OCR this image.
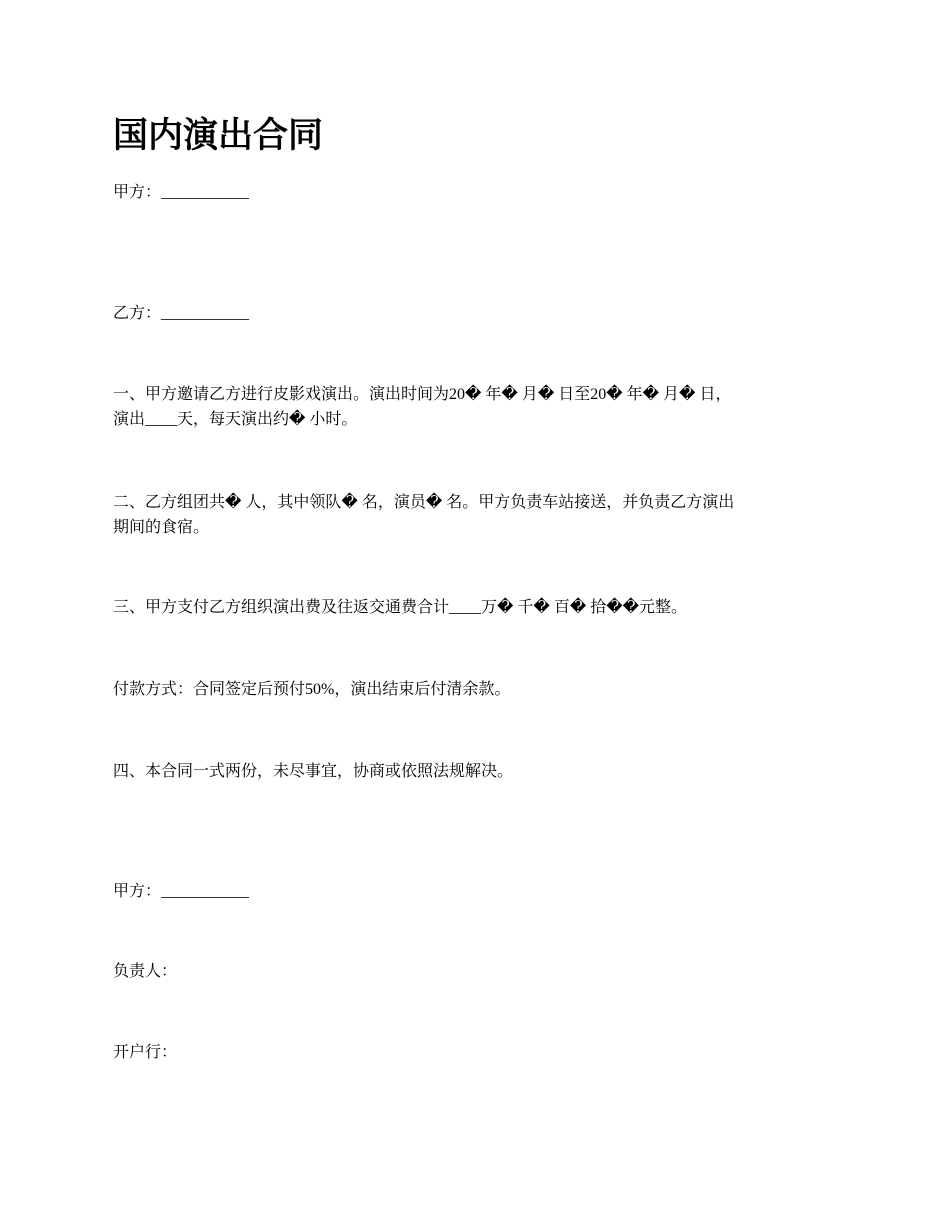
国内演出合同

甲方：___________

乙方：___________

一、甲方邀请乙方进行皮影戏演出。演出时间为20� 年� 月� 日至20� 年� 月� 日，

演出____天，每天演出约� 小时。

二、乙方组团共� 人，其中领队� 名，演员� 名。甲方负责车站接送，并负责乙方演出

期间的食宿。

三、甲方支付乙方组织演出费及往返交通费合计____万� 千� 百� 拾��元整。

付款方式：合同签定后预付50%，演出结束后付清余款。

四、本合同一式两份，未尽事宜，协商或依照法规解决。

甲方：___________

负责人：

开户行：
